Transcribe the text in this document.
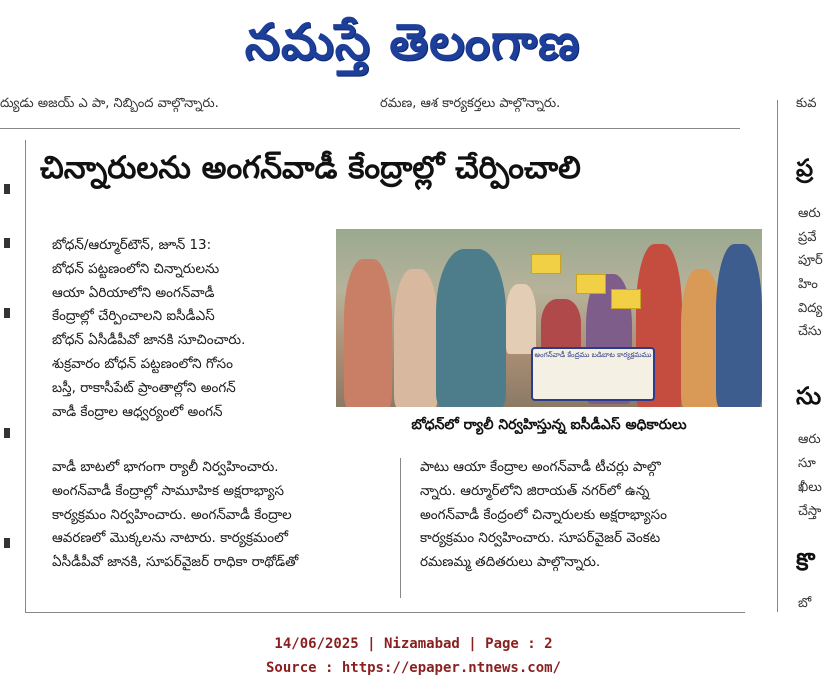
నమస్తే తెలంగాణ
ద్యుడు అజయ్ ఎ పా, నిబ్బింద వాల్గొన్నారు.	రమణ, ఆశ కార్యకర్తలు పాల్గొన్నారు.	కువ
చిన్నారులను అంగన్‌వాడీ కేంద్రాల్లో చేర్పించాలి

బోధన్/ఆర్మూర్‌టౌన్, జూన్ 13:

బోధన్ పట్టణంలోని చిన్నారులను

ఆయా ఏరియాలోని అంగన్‌వాడీ

కేంద్రాల్లో చేర్పించాలని ఐసీడీఎస్

బోధన్ ఏసీడీపీవో జానకి సూచించారు.

శుక్రవారం బోధన్ పట్టణంలోని గోసం

బస్తీ, రాకాసీపేట్ ప్రాంతాల్లోని అంగన్

వాడీ కేంద్రాల ఆధ్వర్యంలో అంగన్

వాడీ బాటలో భాగంగా ర్యాలీ నిర్వహించారు.

అంగన్‌వాడీ కేంద్రాల్లో సామూహిక అక్షరాభ్యాస

కార్యక్రమం నిర్వహించారు. అంగన్‌వాడీ కేంద్రాల

ఆవరణలో మొక్కలను నాటారు. కార్యక్రమంలో

ఏసీడీపీవో జానకి, సూపర్‌వైజర్ రాధికా రాథోడ్‌తో

అంగన్‌వాడీ కేంద్రము బడిబాట కార్యక్రమము
బోధన్‌లో ర్యాలీ నిర్వహిస్తున్న ఐసీడీఎస్ అధికారులు

పాటు ఆయా కేంద్రాల అంగన్‌వాడీ టీచర్లు పాల్గొ

న్నారు. ఆర్మూర్‌లోని జిరాయత్ నగర్‌లో ఉన్న

అంగన్‌వాడీ కేంద్రంలో చిన్నారులకు అక్షరాభ్యాసం

కార్యక్రమం నిర్వహించారు. సూపర్‌వైజర్ వెంకట

రమణమ్మ తదితరులు పాల్గొన్నారు.

ప్ర
ఆరు
ప్రవే
పూర్
హిం
విద్య
చేసు
సు
ఆరు
సూ
ఖీలు
చేస్తా
కొ
బో
14/06/2025 | Nizamabad | Page : 2
Source : https://epaper.ntnews.com/
